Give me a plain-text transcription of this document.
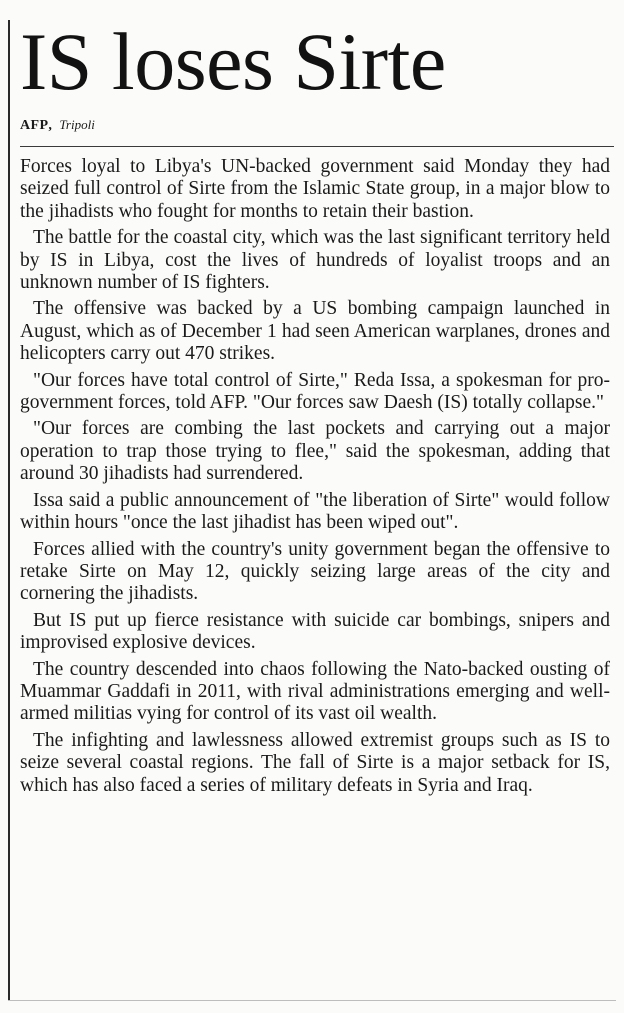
IS loses Sirte
AFP, Tripoli

Forces loyal to Libya's UN-backed government said Monday they had seized full control of Sirte from the Islamic State group, in a major blow to the jihadists who fought for months to retain their bastion.

The battle for the coastal city, which was the last significant territory held by IS in Libya, cost the lives of hundreds of loyalist troops and an unknown number of IS fighters.

The offensive was backed by a US bombing campaign launched in August, which as of December 1 had seen American warplanes, drones and helicopters carry out 470 strikes.

"Our forces have total control of Sirte," Reda Issa, a spokesman for pro-government forces, told AFP. "Our forces saw Daesh (IS) totally collapse."

"Our forces are combing the last pockets and carrying out a major operation to trap those trying to flee," said the spokesman, adding that around 30 jihadists had surrendered.

Issa said a public announcement of "the liberation of Sirte" would follow within hours "once the last jihadist has been wiped out".

Forces allied with the country's unity government began the offensive to retake Sirte on May 12, quickly seizing large areas of the city and cornering the jihadists.

But IS put up fierce resistance with suicide car bombings, snipers and improvised explosive devices.

The country descended into chaos following the Nato-backed ousting of Muammar Gaddafi in 2011, with rival administrations emerging and well-armed militias vying for control of its vast oil wealth.

The infighting and lawlessness allowed extremist groups such as IS to seize several coastal regions. The fall of Sirte is a major setback for IS, which has also faced a series of military defeats in Syria and Iraq.
